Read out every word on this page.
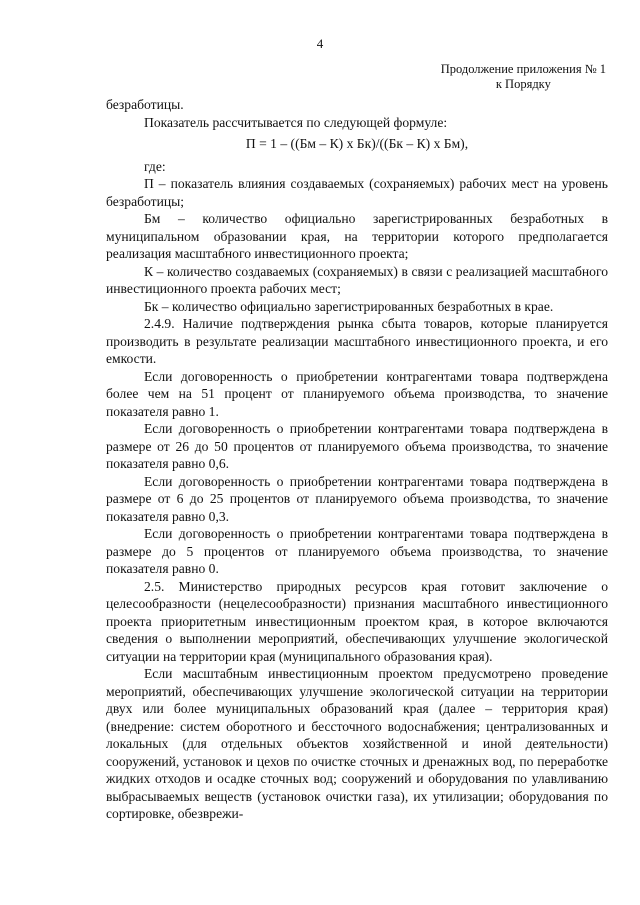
4
Продолжение приложения № 1
к Порядку

безработицы.

Показатель рассчитывается по следующей формуле:

П = 1 – ((Бм – К) х Бк)/((Бк – К) х Бм),

где:

П – показатель влияния создаваемых (сохраняемых) рабочих мест на уровень безработицы;

Бм – количество официально зарегистрированных безработных в муниципальном образовании края, на территории которого предполагается реализация масштабного инвестиционного проекта;

К – количество создаваемых (сохраняемых) в связи с реализацией масштабного инвестиционного проекта рабочих мест;

Бк – количество официально зарегистрированных безработных в крае.

2.4.9. Наличие подтверждения рынка сбыта товаров, которые планируется производить в результате реализации масштабного инвестиционного проекта, и его емкости.

Если договоренность о приобретении контрагентами товара подтверждена более чем на 51 процент от планируемого объема производства, то значение показателя равно 1.

Если договоренность о приобретении контрагентами товара подтверждена в размере от 26 до 50 процентов от планируемого объема производства, то значение показателя равно 0,6.

Если договоренность о приобретении контрагентами товара подтверждена в размере от 6 до 25 процентов от планируемого объема производства, то значение показателя равно 0,3.

Если договоренность о приобретении контрагентами товара подтверждена в размере до 5 процентов от планируемого объема производства, то значение показателя равно 0.

2.5. Министерство природных ресурсов края готовит заключение о целесообразности (нецелесообразности) признания масштабного инвестиционного проекта приоритетным инвестиционным проектом края, в которое включаются сведения о выполнении мероприятий, обеспечивающих улучшение экологической ситуации на территории края (муниципального образования края).

Если масштабным инвестиционным проектом предусмотрено проведение мероприятий, обеспечивающих улучшение экологической ситуации на территории двух или более муниципальных образований края (далее – территория края) (внедрение: систем оборотного и бессточного водоснабжения; централизованных и локальных (для отдельных объектов хозяйственной и иной деятельности) сооружений, установок и цехов по очистке сточных и дренажных вод, по переработке жидких отходов и осадке сточных вод; сооружений и оборудования по улавливанию выбрасываемых веществ (установок очистки газа), их утилизации; оборудования по сортировке, обезврежи-
